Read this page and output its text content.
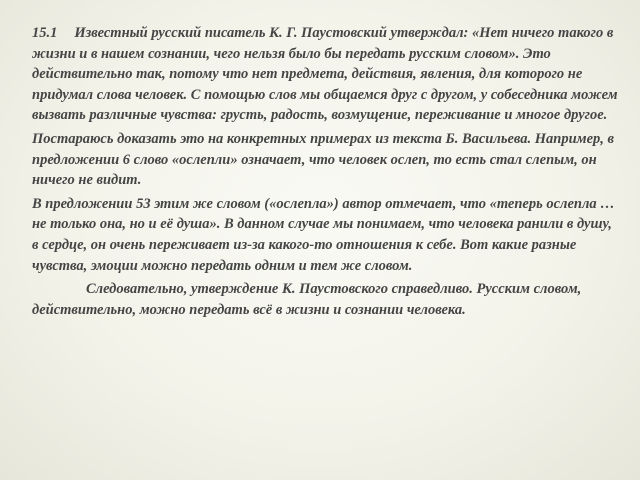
15.1 Известный русский писатель К. Г. Паустовский утверждал: «Нет ничего такого в жизни и в нашем сознании, чего нельзя было бы передать русским словом». Это действительно так, потому что нет предмета, действия, явления, для которого не придумал слова человек. С помощью слов мы общаемся друг с другом, у собеседника можем вызвать различные чувства: грусть, радость, возмущение, переживание и многое другое.

Постараюсь доказать это на конкретных примерах из текста Б. Васильева. Например, в предложении 6 слово «ослепли» означает, что человек ослеп, то есть стал слепым, он ничего не видит.

В предложении 53 этим же словом («ослепла») автор отмечает, что «теперь ослепла … не только она, но и её душа». В данном случае мы понимаем, что человека ранили в душу, в сердце, он очень переживает из-за какого-то отношения к себе. Вот какие разные чувства, эмоции можно передать одним и тем же словом.

Следовательно, утверждение К. Паустовского справедливо. Русским словом, действительно, можно передать всё в жизни и сознании человека.
